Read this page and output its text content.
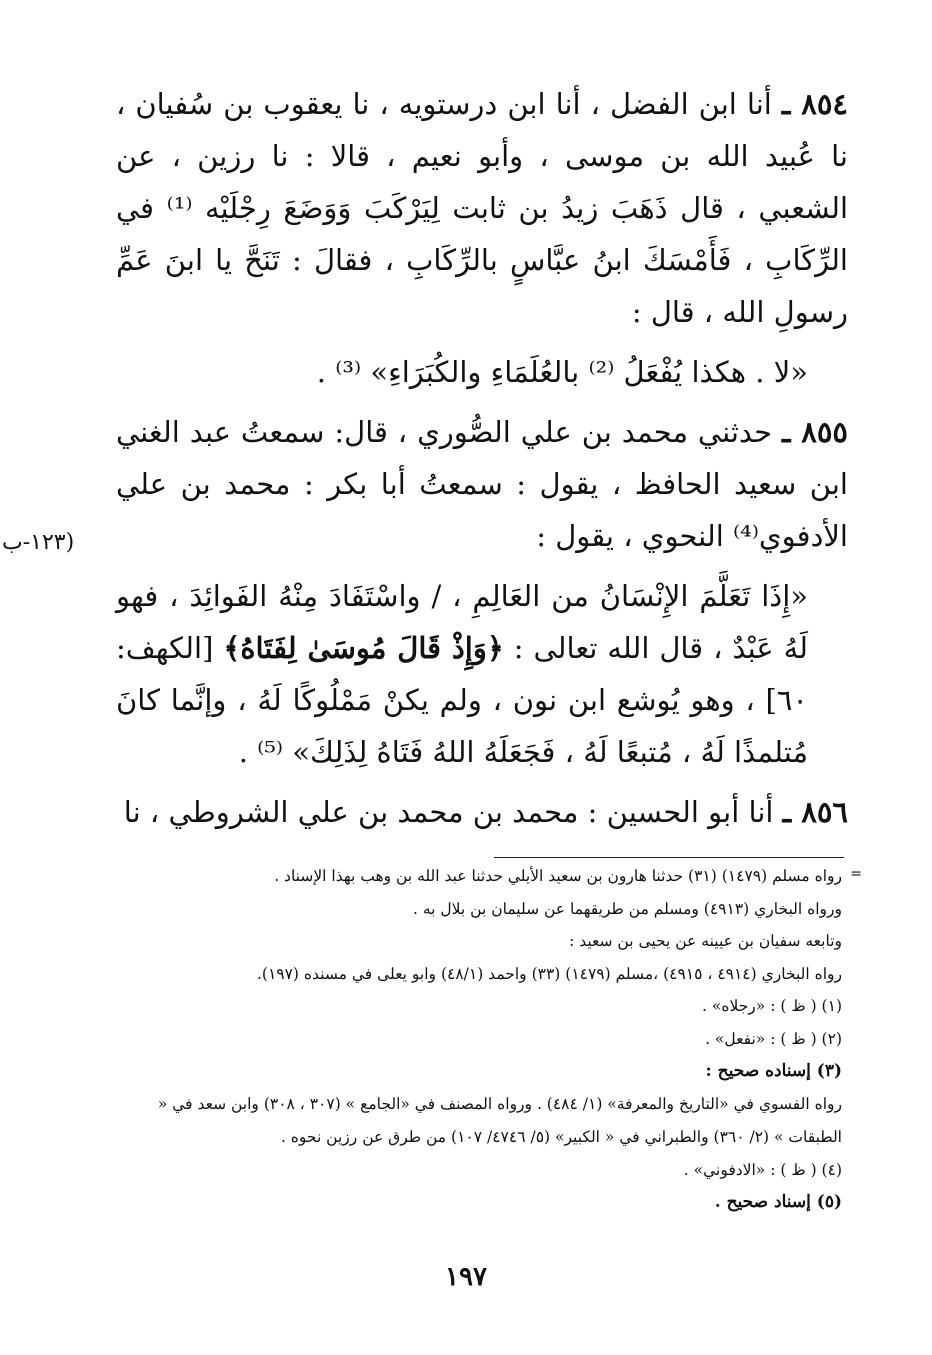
٨٥٤ ـ أنا ابن الفضل ، أنا ابن درستويه ، نا يعقوب بن سُفيان ، نا عُبيد الله بن موسى ، وأبو نعيم ، قالا : نا رزين ، عن الشعبي ، قال ذَهَبَ زيدُ بن ثابت لِيَرْكَبَ وَوَضَعَ رِجْلَيْه ⁽¹⁾ في الرِّكَابِ ، فَأَمْسَكَ ابنُ عبَّاسٍ بالرِّكَابِ ، فقالَ : تَنَحَّ يا ابنَ عَمِّ رسولِ الله ، قال :

«لا . هكذا يُفْعَلُ ⁽²⁾ بالعُلَمَاءِ والكُبَرَاءِ» ⁽³⁾ .

٨٥٥ ـ حدثني محمد بن علي الصُّوري ، قال: سمعتُ عبد الغني ابن سعيد الحافظ ، يقول : سمعتُ أبا بكر : محمد بن علي الأدفوي⁽⁴⁾ النحوي ، يقول :

«إِذَا تَعَلَّمَ الإِنْسَانُ من العَالِمِ ، / واسْتَفَادَ مِنْهُ الفَوائِدَ ، فهو لَهُ عَبْدٌ ، قال الله تعالى : ﴿وَإِذْ قَالَ مُوسَىٰ لِفَتَاهُ﴾ [الكهف: ٦٠] ، وهو يُوشع ابن نون ، ولم يكنْ مَمْلُوكًا لَهُ ، وإنَّما كانَ مُتلمذًا لَهُ ، مُتبعًا لَهُ ، فَجَعَلَهُ اللهُ فَتَاهُ لِذَلِكَ» ⁽⁵⁾ .

٨٥٦ ـ أنا أبو الحسين : محمد بن محمد بن علي الشروطي ، نا

(١٢٣-ب
=

رواه مسلم (١٤٧٩) (٣١) حدثنا هارون بن سعيد الأيلي حدثنا عبد الله بن وهب بهذا الإسناد .

ورواه البخاري (٤٩١٣) ومسلم من طريقهما عن سليمان بن بلال به .

وتابعه سفيان بن عيينه عن يحيى بن سعيد :

رواه البخاري (٤٩١٤ ، ٤٩١٥) ،مسلم (١٤٧٩) (٣٣) واحمد (٤٨/١) وابو يعلى في مسنده (١٩٧).

(١) ( ظ ) : «رجلاه» .

(٢) ( ظ ) : «نفعل» .

(٣) إسناده صحيح :

رواه الفسوي في «التاريخ والمعرفة» (١/ ٤٨٤) . ورواه المصنف في «الجامع » (٣٠٧ ، ٣٠٨) وابن سعد في « الطبقات » (٢/ ٣٦٠) والطبراني في « الكبير» (٥/ ٤٧٤٦/ ١٠٧) من طرق عن رزين نحوه .

(٤) ( ظ ) : «الادفوني» .

(٥) إسناد صحيح .

١٩٧
